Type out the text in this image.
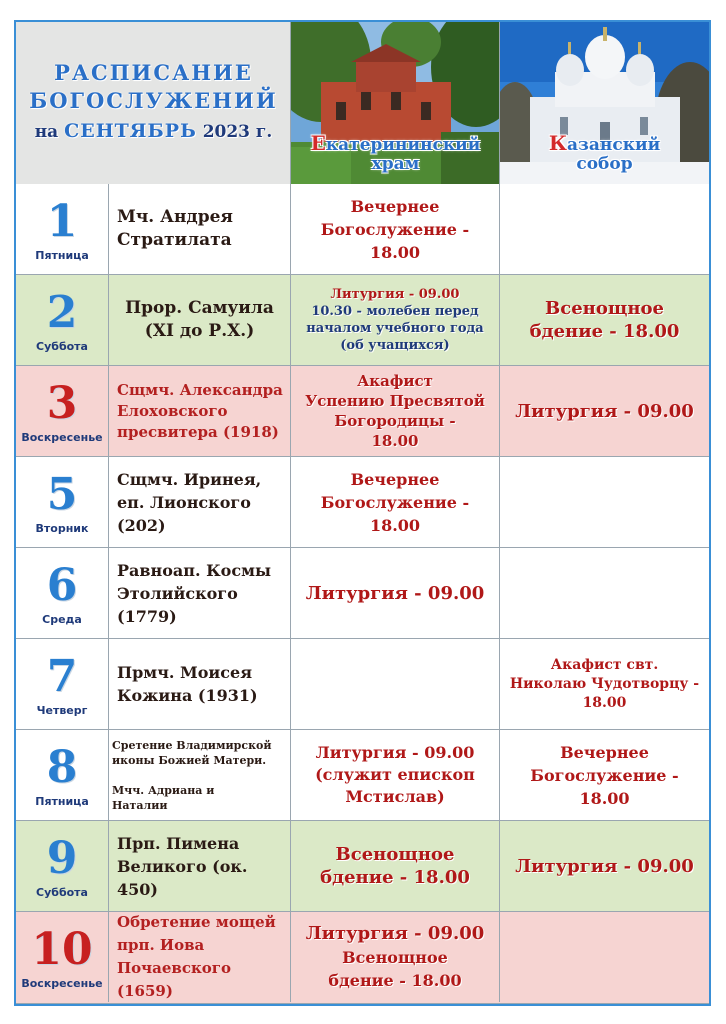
РАСПИСАНИЕ
БОГОСЛУЖЕНИЙ
на СЕНТЯБРЬ 2023 г.	Екатерининский
храм
Казанский
собор
1
Пятница
Мч. Андрея
Стратилата
Вечернее
Богослужение -
18.00
2
Суббота
Прор. Самуила
(XI до Р.Х.)
Литургия - 09.00
10.30 - молебен перед
началом учебного года
(об учащихся)
Всенощное
бдение - 18.00
3
Воскресенье
Сщмч. Александра
Елоховского
пресвитера (1918)
Акафист
Успению Пресвятой
Богородицы -
18.00
Литургия - 09.00
5
Вторник
Сщмч. Иринея,
еп. Лионского
(202)
Вечернее
Богослужение -
18.00
6
Среда
Равноап. Космы
Этолийского
(1779)
Литургия - 09.00
7
Четверг
Прмч. Моисея
Кожина (1931)
Акафист свт.
Николаю Чудотворцу -
18.00
8
Пятница
Сретение Владимирской
иконы Божией Матери.

Мчч. Адриана и
Наталии
Литургия - 09.00
(служит епископ
Мстислав)
Вечернее
Богослужение -
18.00
9
Суббота
Прп. Пимена
Великого (ок. 450)
Всенощное
бдение - 18.00
Литургия - 09.00
10
Воскресенье
Обретение мощей
прп. Иова
Почаевского (1659)
Литургия - 09.00
Всенощное
бдение - 18.00
